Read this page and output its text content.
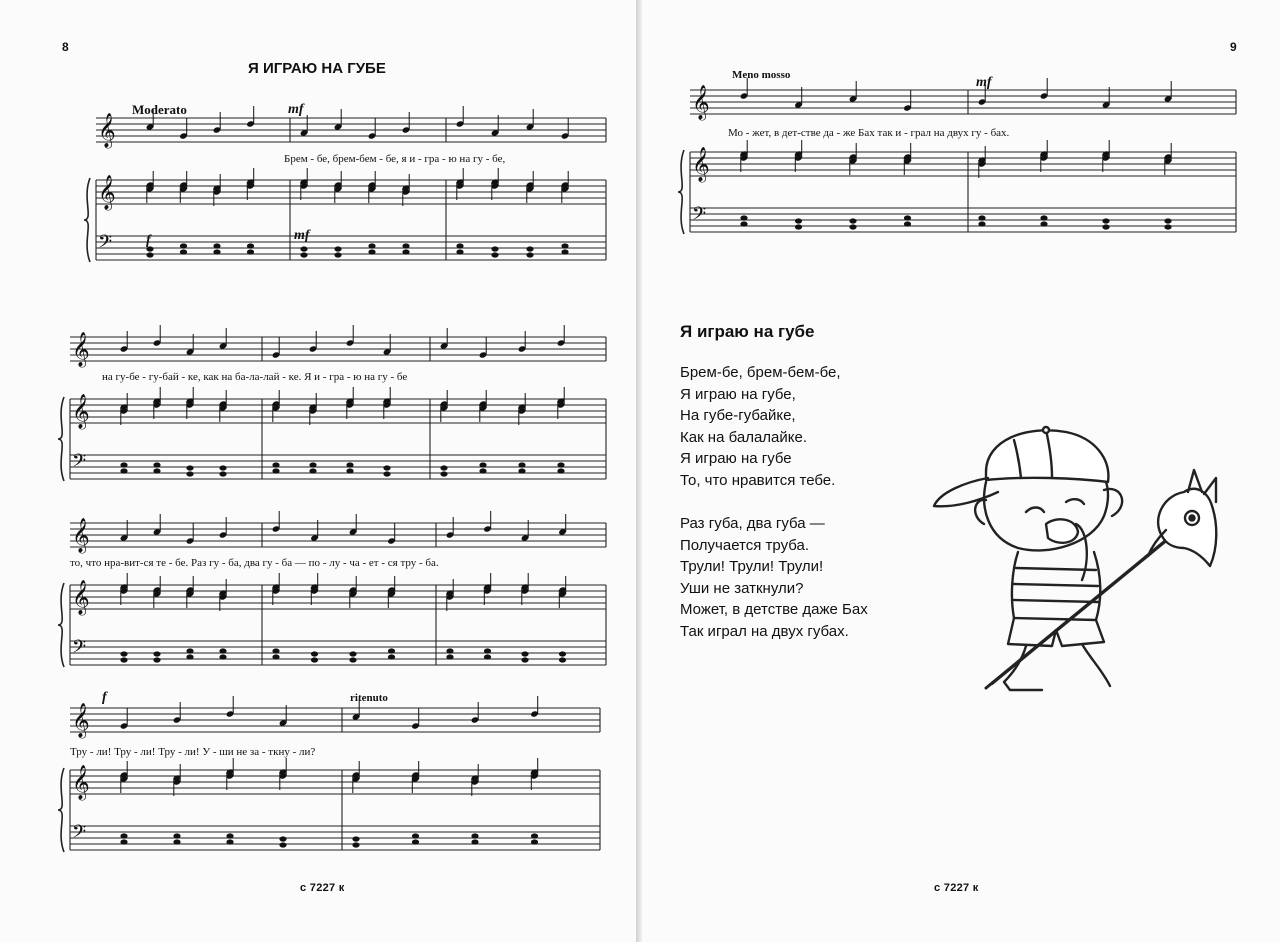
8
Я ИГРАЮ НА ГУБЕ
𝄞
𝄞
𝄢
𝄞
𝄞
𝄢
𝄞
𝄞
𝄢
𝄞
𝄞
𝄢
Moderato	mf
Брем - бе, брем-бем - бе, я и - гра - ю на гу - бе,
f	mf
на гу-бе - гу-бай - ке, как на ба-ла-лай - ке. Я и - гра - ю на гу - бе
то, что нра-вит-ся те - бе. Раз гу - ба, два гу - ба — по - лу - ча - ет - ся тру - ба.
f	ritenuto
Тру - ли! Тру - ли! Тру - ли! У - ши не за - ткну - ли?
с 7227 к
9
𝄞
𝄞
𝄢
Meno mosso	mf
Мо - жет, в дет-стве да - же Бах так и - грал на двух гу - бах.
с 7227 к
Я играю на губе
Брем-бе, брем-бем-бе,
Я играю на губе,
На губе-губайке,
Как на балалайке.
Я играю на губе
То, что нравится тебе.
Раз губа, два губа —
Получается труба.
Трули! Трули! Трули!
Уши не заткнули?
Может, в детстве даже Бах
Так играл на двух губах.
